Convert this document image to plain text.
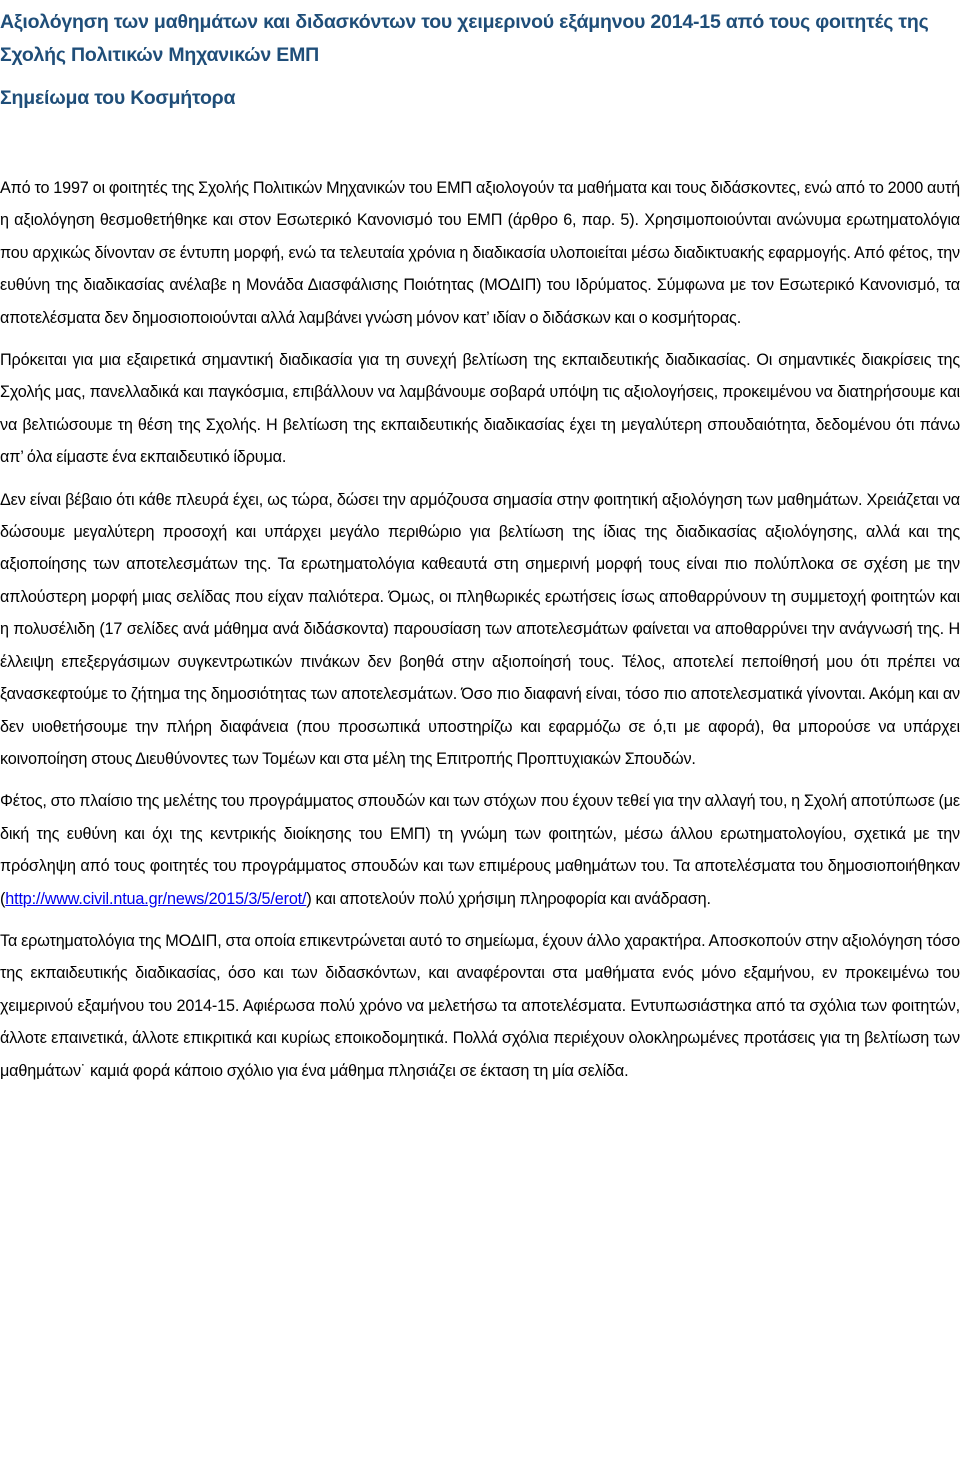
Αξιολόγηση των μαθημάτων και διδασκόντων του χειμερινού εξάμηνου 2014-15 από τους φοιτητές της Σχολής Πολιτικών Μηχανικών ΕΜΠ
Σημείωμα του Κοσμήτορα

Από το 1997 οι φοιτητές της Σχολής Πολιτικών Μηχανικών του ΕΜΠ αξιολογούν τα μαθήματα και τους διδάσκοντες, ενώ από το 2000 αυτή η αξιολόγηση θεσμοθετήθηκε και στον Εσωτερικό Κανονισμό του ΕΜΠ (άρθρο 6, παρ. 5). Χρησιμοποιούνται ανώνυμα ερωτηματολόγια που αρχικώς δίνονταν σε έντυπη μορφή, ενώ τα τελευταία χρόνια η διαδικασία υλοποιείται μέσω διαδικτυακής εφαρμογής. Από φέτος, την ευθύνη της διαδικασίας ανέλαβε η Μονάδα Διασφάλισης Ποιότητας (ΜΟΔΙΠ) του Ιδρύματος. Σύμφωνα με τον Εσωτερικό Κανονισμό, τα αποτελέσματα δεν δημοσιοποιούνται αλλά λαμβάνει γνώση μόνον κατ’ ιδίαν ο διδάσκων και ο κοσμήτορας.

Πρόκειται για μια εξαιρετικά σημαντική διαδικασία για τη συνεχή βελτίωση της εκπαιδευτικής διαδικασίας. Οι σημαντικές διακρίσεις της Σχολής μας, πανελλαδικά και παγκόσμια, επιβάλλουν να λαμβάνουμε σοβαρά υπόψη τις αξιολογήσεις, προκειμένου να διατηρήσουμε και να βελτιώσουμε τη θέση της Σχολής. Η βελτίωση της εκπαιδευτικής διαδικασίας έχει τη μεγαλύτερη σπουδαιότητα, δεδομένου ότι πάνω απ’ όλα είμαστε ένα εκπαιδευτικό ίδρυμα.

Δεν είναι βέβαιο ότι κάθε πλευρά έχει, ως τώρα, δώσει την αρμόζουσα σημασία στην φοιτητική αξιολόγηση των μαθημάτων. Χρειάζεται να δώσουμε μεγαλύτερη προσοχή και υπάρχει μεγάλο περιθώριο για βελτίωση της ίδιας της διαδικασίας αξιολόγησης, αλλά και της αξιοποίησης των αποτελεσμάτων της. Τα ερωτηματολόγια καθεαυτά στη σημερινή μορφή τους είναι πιο πολύπλοκα σε σχέση με την απλούστερη μορφή μιας σελίδας που είχαν παλιότερα. Όμως, οι πληθωρικές ερωτήσεις ίσως αποθαρρύνουν τη συμμετοχή φοιτητών και η πολυσέλιδη (17 σελίδες ανά μάθημα ανά διδάσκοντα) παρουσίαση των αποτελεσμάτων φαίνεται να αποθαρρύνει την ανάγνωσή της. Η έλλειψη επεξεργάσιμων συγκεντρωτικών πινάκων δεν βοηθά στην αξιοποίησή τους. Τέλος, αποτελεί πεποίθησή μου ότι πρέπει να ξανασκεφτούμε το ζήτημα της δημοσιότητας των αποτελεσμάτων. Όσο πιο διαφανή είναι, τόσο πιο αποτελεσματικά γίνονται. Ακόμη και αν δεν υιοθετήσουμε την πλήρη διαφάνεια (που προσωπικά υποστηρίζω και εφαρμόζω σε ό,τι με αφορά), θα μπορούσε να υπάρχει κοινοποίηση στους Διευθύνοντες των Τομέων και στα μέλη της Επιτροπής Προπτυχιακών Σπουδών.

Φέτος, στο πλαίσιο της μελέτης του προγράμματος σπουδών και των στόχων που έχουν τεθεί για την αλλαγή του, η Σχολή αποτύπωσε (με δική της ευθύνη και όχι της κεντρικής διοίκησης του ΕΜΠ) τη γνώμη των φοιτητών, μέσω άλλου ερωτηματολογίου, σχετικά με την πρόσληψη από τους φοιτητές του προγράμματος σπουδών και των επιμέρους μαθημάτων του. Τα αποτελέσματα του δημοσιοποιήθηκαν (http://www.civil.ntua.gr/news/2015/3/5/erot/) και αποτελούν πολύ χρήσιμη πληροφορία και ανάδραση.

Τα ερωτηματολόγια της ΜΟΔΙΠ, στα οποία επικεντρώνεται αυτό το σημείωμα, έχουν άλλο χαρακτήρα. Αποσκοπούν στην αξιολόγηση τόσο της εκπαιδευτικής διαδικασίας, όσο και των διδασκόντων, και αναφέρονται στα μαθήματα ενός μόνο εξαμήνου, εν προκειμένω του χειμερινού εξαμήνου του 2014-15. Αφιέρωσα πολύ χρόνο να μελετήσω τα αποτελέσματα. Εντυπωσιάστηκα από τα σχόλια των φοιτητών, άλλοτε επαινετικά, άλλοτε επικριτικά και κυρίως εποικοδομητικά. Πολλά σχόλια περιέχουν ολοκληρωμένες προτάσεις για τη βελτίωση των μαθημάτων˙ καμιά φορά κάποιο σχόλιο για ένα μάθημα πλησιάζει σε έκταση τη μία σελίδα.
